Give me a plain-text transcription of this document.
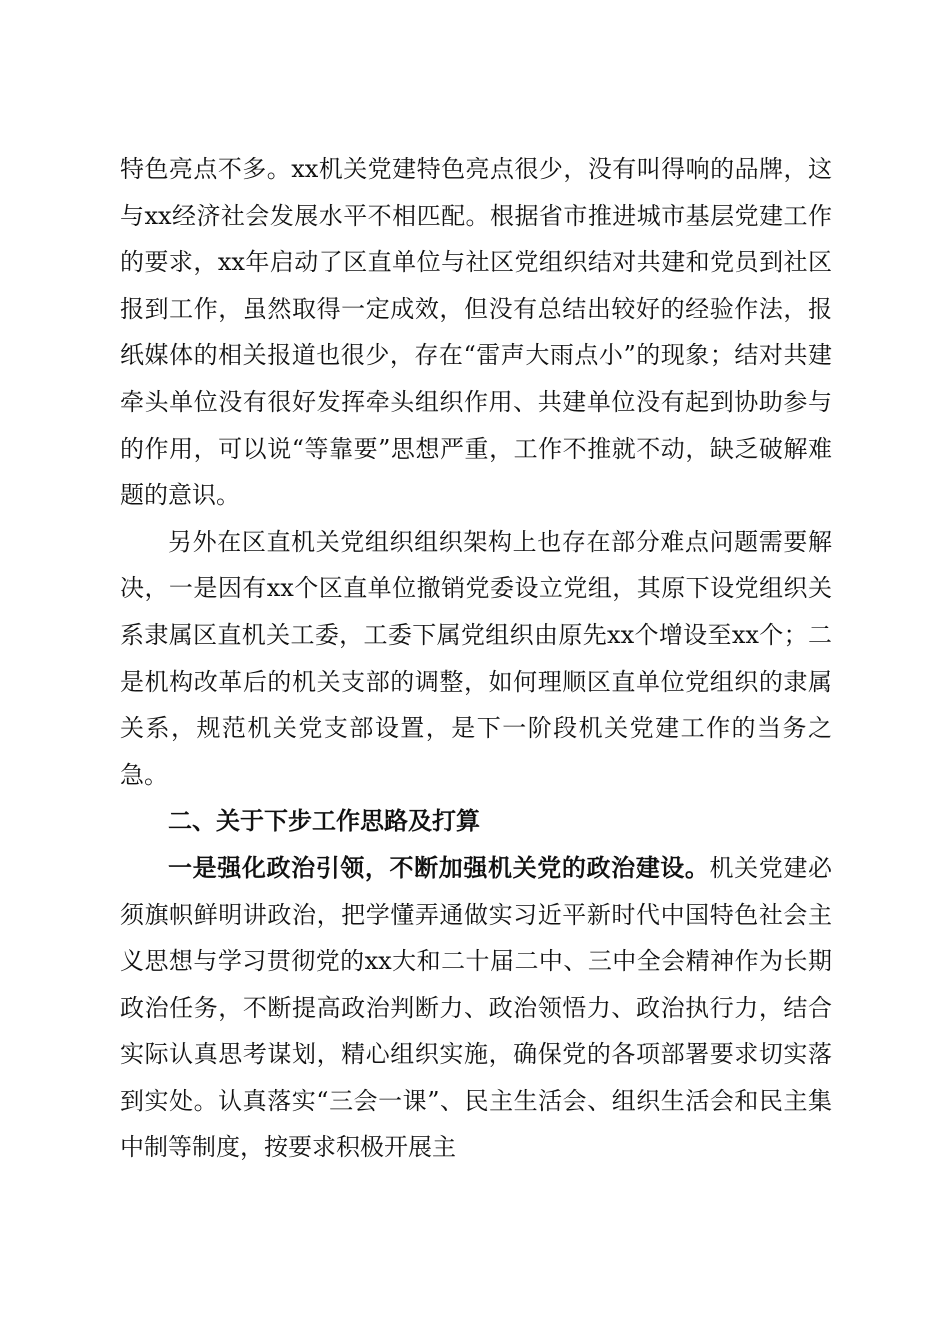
特色亮点不多。xx机关党建特色亮点很少，没有叫得响的品牌，这与xx经济社会发展水平不相匹配。根据省市推进城市基层党建工作的要求，xx年启动了区直单位与社区党组织结对共建和党员到社区报到工作，虽然取得一定成效，但没有总结出较好的经验作法，报纸媒体的相关报道也很少，存在“雷声大雨点小”的现象；结对共建牵头单位没有很好发挥牵头组织作用、共建单位没有起到协助参与的作用，可以说“等靠要”思想严重，工作不推就不动，缺乏破解难题的意识。

另外在区直机关党组织组织架构上也存在部分难点问题需要解决，一是因有xx个区直单位撤销党委设立党组，其原下设党组织关系隶属区直机关工委，工委下属党组织由原先xx个增设至xx个；二是机构改革后的机关支部的调整，如何理顺区直单位党组织的隶属关系，规范机关党支部设置，是下一阶段机关党建工作的当务之急。

二、关于下步工作思路及打算

一是强化政治引领，不断加强机关党的政治建设。机关党建必须旗帜鲜明讲政治，把学懂弄通做实习近平新时代中国特色社会主义思想与学习贯彻党的xx大和二十届二中、三中全会精神作为长期政治任务，不断提高政治判断力、政治领悟力、政治执行力，结合实际认真思考谋划，精心组织实施，确保党的各项部署要求切实落到实处。认真落实“三会一课”、民主生活会、组织生活会和民主集中制等制度，按要求积极开展主
